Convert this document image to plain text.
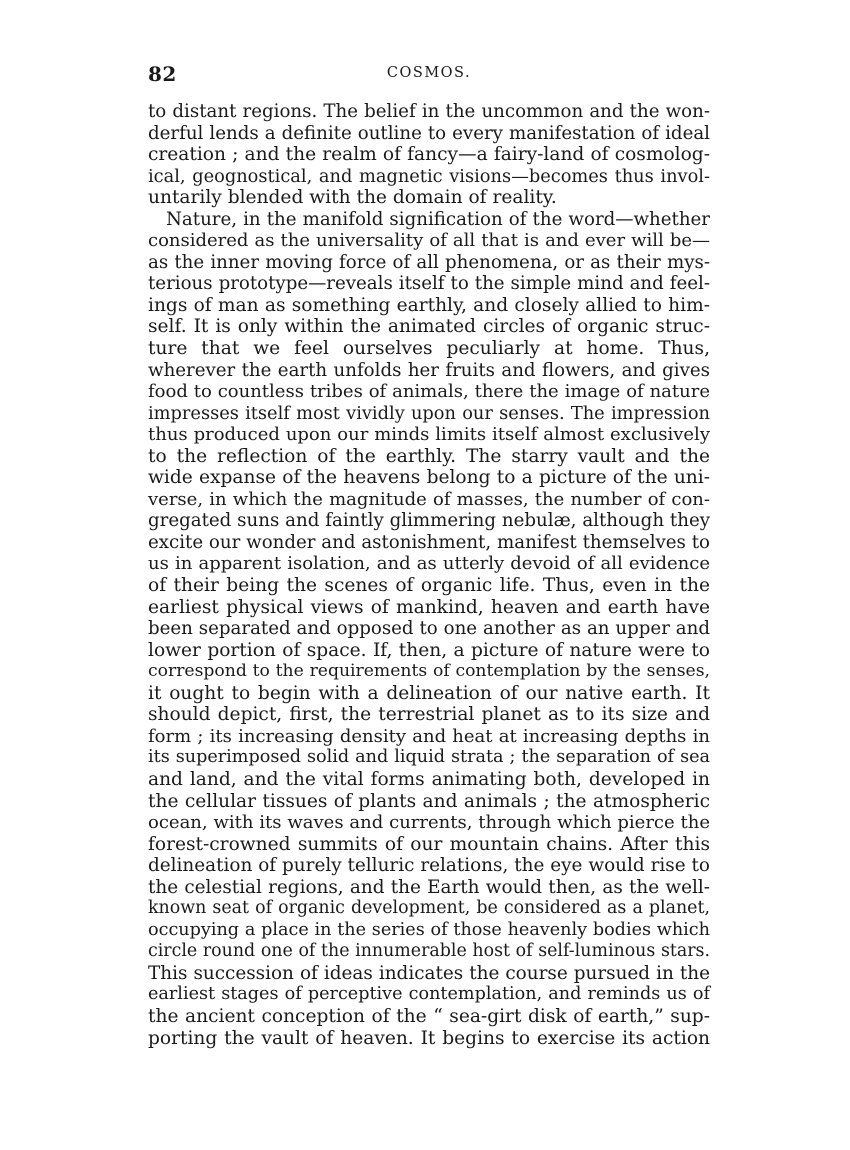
82	COSMOS.
to distant regions. The belief in the uncommon and the won-
derful lends a definite outline to every manifestation of ideal
creation ; and the realm of fancy—a fairy-land of cosmolog-
ical, geognostical, and magnetic visions—becomes thus invol-
untarily blended with the domain of reality.
Nature, in the manifold signification of the word—whether
considered as the universality of all that is and ever will be—
as the inner moving force of all phenomena, or as their mys-
terious prototype—reveals itself to the simple mind and feel-
ings of man as something earthly, and closely allied to him-
self. It is only within the animated circles of organic struc-
ture that we feel ourselves peculiarly at home. Thus,
wherever the earth unfolds her fruits and flowers, and gives
food to countless tribes of animals, there the image of nature
impresses itself most vividly upon our senses. The impression
thus produced upon our minds limits itself almost exclusively
to the reflection of the earthly. The starry vault and the
wide expanse of the heavens belong to a picture of the uni-
verse, in which the magnitude of masses, the number of con-
gregated suns and faintly glimmering nebulæ, although they
excite our wonder and astonishment, manifest themselves to
us in apparent isolation, and as utterly devoid of all evidence
of their being the scenes of organic life. Thus, even in the
earliest physical views of mankind, heaven and earth have
been separated and opposed to one another as an upper and
lower portion of space. If, then, a picture of nature were to
correspond to the requirements of contemplation by the senses,
it ought to begin with a delineation of our native earth. It
should depict, first, the terrestrial planet as to its size and
form ; its increasing density and heat at increasing depths in
its superimposed solid and liquid strata ; the separation of sea
and land, and the vital forms animating both, developed in
the cellular tissues of plants and animals ; the atmospheric
ocean, with its waves and currents, through which pierce the
forest-crowned summits of our mountain chains. After this
delineation of purely telluric relations, the eye would rise to
the celestial regions, and the Earth would then, as the well-
known seat of organic development, be considered as a planet,
occupying a place in the series of those heavenly bodies which
circle round one of the innumerable host of self-luminous stars.
This succession of ideas indicates the course pursued in the
earliest stages of perceptive contemplation, and reminds us of
the ancient conception of the “ sea-girt disk of earth,” sup-
porting the vault of heaven. It begins to exercise its action
